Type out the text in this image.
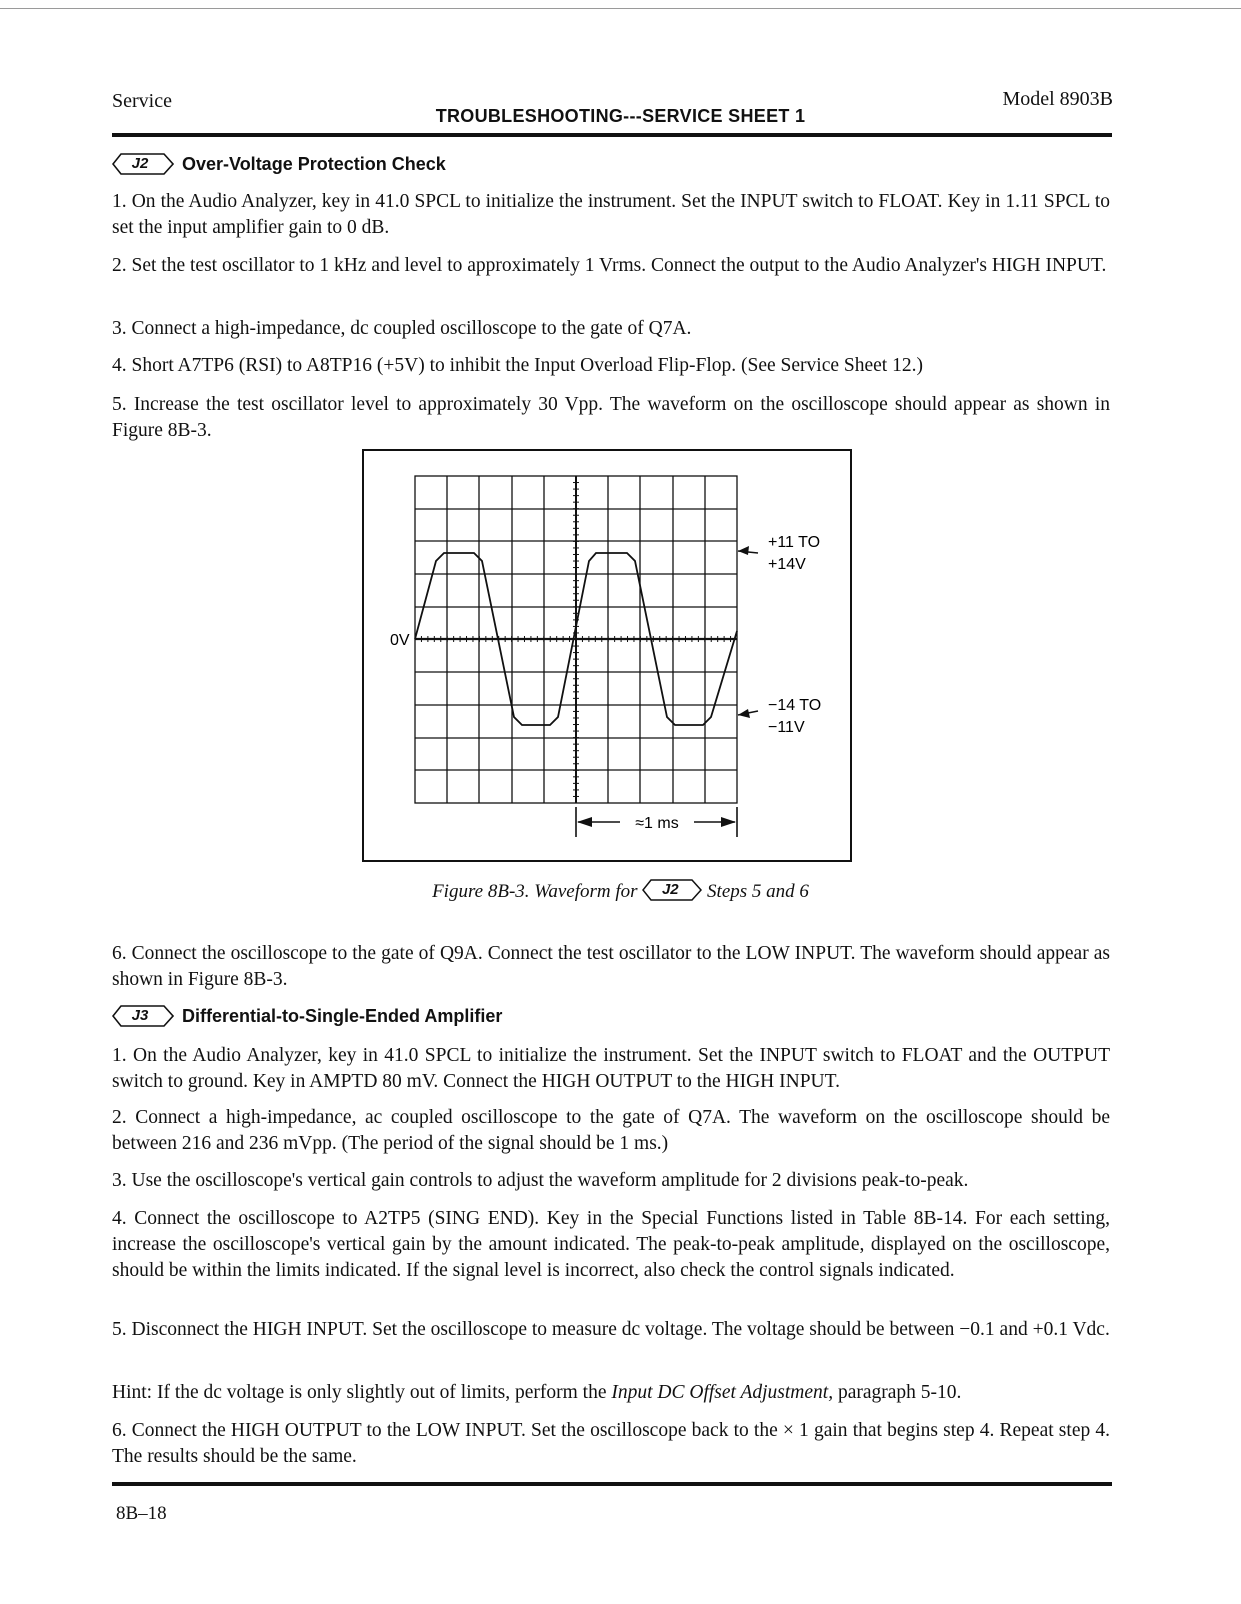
Service
TROUBLESHOOTING---SERVICE SHEET 1
Model 8903B
J2	Over-Voltage Protection Check
1. On the Audio Analyzer, key in 41.0 SPCL to initialize the instrument. Set the INPUT switch to FLOAT. Key in 1.11 SPCL to set the input amplifier gain to 0 dB.
2. Set the test oscillator to 1 kHz and level to approximately 1 Vrms. Connect the output to the Audio Analyzer's HIGH INPUT.
3. Connect a high-impedance, dc coupled oscilloscope to the gate of Q7A.
4. Short A7TP6 (RSI) to A8TP16 (+5V) to inhibit the Input Overload Flip-Flop. (See Service Sheet 12.)
5. Increase the test oscillator level to approximately 30 Vpp. The waveform on the oscilloscope should appear as shown in Figure 8B-3.
0V
+11 TO
+14V
−14 TO
−11V
≈1 ms
Figure 8B-3. Waveform for	J2	Steps 5 and 6
6. Connect the oscilloscope to the gate of Q9A. Connect the test oscillator to the LOW INPUT. The waveform should appear as shown in Figure 8B-3.
J3	Differential-to-Single-Ended Amplifier
1. On the Audio Analyzer, key in 41.0 SPCL to initialize the instrument. Set the INPUT switch to FLOAT and the OUTPUT switch to ground. Key in AMPTD 80 mV. Connect the HIGH OUTPUT to the HIGH INPUT.
2. Connect a high-impedance, ac coupled oscilloscope to the gate of Q7A. The waveform on the oscilloscope should be between 216 and 236 mVpp. (The period of the signal should be 1 ms.)
3. Use the oscilloscope's vertical gain controls to adjust the waveform amplitude for 2 divisions peak-to-peak.
4. Connect the oscilloscope to A2TP5 (SING END). Key in the Special Functions listed in Table 8B-14. For each setting, increase the oscilloscope's vertical gain by the amount indicated. The peak-to-peak amplitude, displayed on the oscilloscope, should be within the limits indicated. If the signal level is incorrect, also check the control signals indicated.
5. Disconnect the HIGH INPUT. Set the oscilloscope to measure dc voltage. The voltage should be between −0.1 and +0.1 Vdc.
Hint: If the dc voltage is only slightly out of limits, perform the Input DC Offset Adjustment, paragraph 5-10.
6. Connect the HIGH OUTPUT to the LOW INPUT. Set the oscilloscope back to the × 1 gain that begins step 4. Repeat step 4. The results should be the same.
8B–18
